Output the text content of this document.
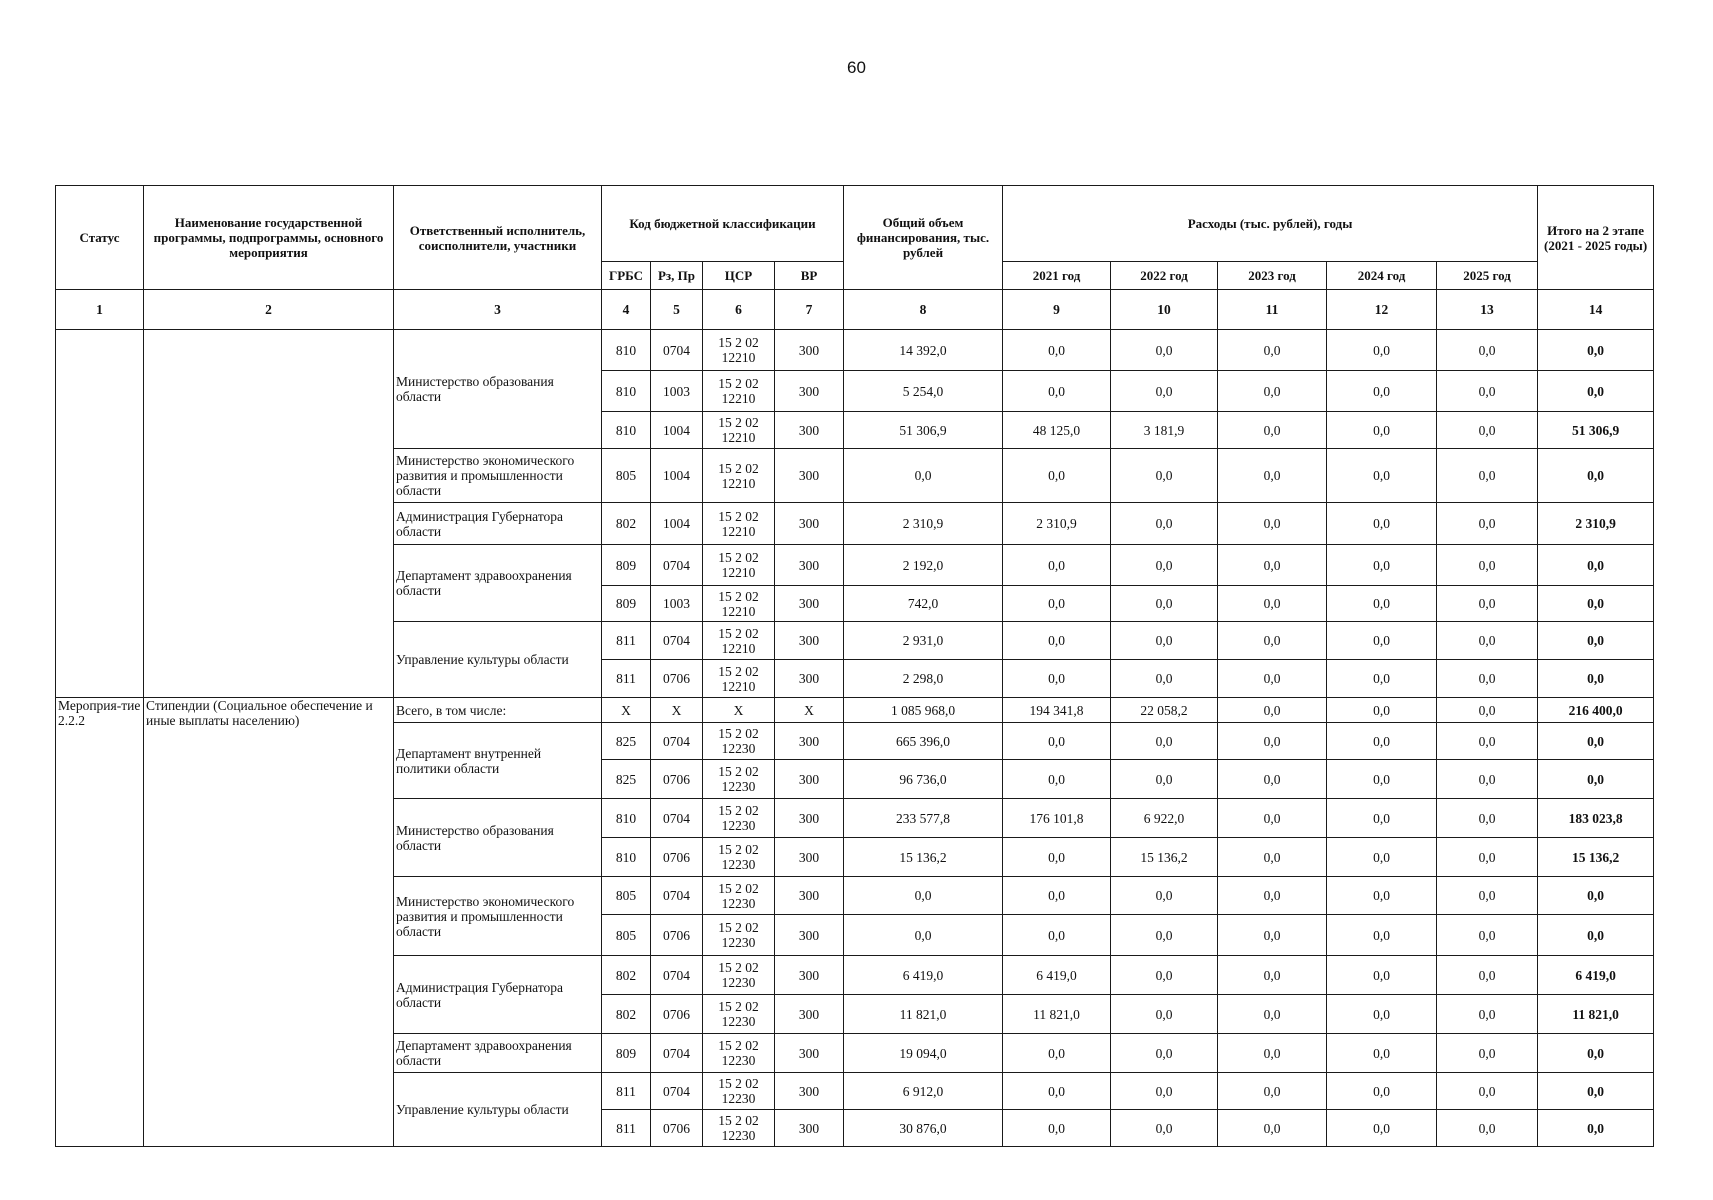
60
Статус	Наименование государственной программы, подпрограммы, основного мероприятия	Ответственный исполнитель, соисполнители, участники	Код бюджетной классификации				Общий объем финансирования, тыс. рублей	Расходы (тыс. рублей), годы					Итого на 2 этапе (2021 - 2025 годы)
			ГРБС	Рз, Пр	ЦСР	ВР		2021 год	2022 год	2023 год	2024 год	2025 год	
1	2	3	4	5	6	7	8	9	10	11	12	13	14
		Министерство образования области	810	0704	15 2 02 12210	300	14 392,0	0,0	0,0	0,0	0,0	0,0	0,0
			810	1003	15 2 02 12210	300	5 254,0	0,0	0,0	0,0	0,0	0,0	0,0
			810	1004	15 2 02 12210	300	51 306,9	48 125,0	3 181,9	0,0	0,0	0,0	51 306,9
		Министерство экономического развития и промышленности области	805	1004	15 2 02 12210	300	0,0	0,0	0,0	0,0	0,0	0,0	0,0
		Администрация Губернатора области	802	1004	15 2 02 12210	300	2 310,9	2 310,9	0,0	0,0	0,0	0,0	2 310,9
		Департамент здравоохранения области	809	0704	15 2 02 12210	300	2 192,0	0,0	0,0	0,0	0,0	0,0	0,0
			809	1003	15 2 02 12210	300	742,0	0,0	0,0	0,0	0,0	0,0	0,0
		Управление культуры области	811	0704	15 2 02 12210	300	2 931,0	0,0	0,0	0,0	0,0	0,0	0,0
			811	0706	15 2 02 12210	300	2 298,0	0,0	0,0	0,0	0,0	0,0	0,0
Мероприя-тие 2.2.2	Стипендии (Социальное обеспечение и иные выплаты населению)	Всего, в том числе:	Х	Х	Х	Х	1 085 968,0	194 341,8	22 058,2	0,0	0,0	0,0	216 400,0
		Департамент внутренней политики области	825	0704	15 2 02 12230	300	665 396,0	0,0	0,0	0,0	0,0	0,0	0,0
			825	0706	15 2 02 12230	300	96 736,0	0,0	0,0	0,0	0,0	0,0	0,0
		Министерство образования области	810	0704	15 2 02 12230	300	233 577,8	176 101,8	6 922,0	0,0	0,0	0,0	183 023,8
			810	0706	15 2 02 12230	300	15 136,2	0,0	15 136,2	0,0	0,0	0,0	15 136,2
		Министерство экономического развития и промышленности области	805	0704	15 2 02 12230	300	0,0	0,0	0,0	0,0	0,0	0,0	0,0
			805	0706	15 2 02 12230	300	0,0	0,0	0,0	0,0	0,0	0,0	0,0
		Администрация Губернатора области	802	0704	15 2 02 12230	300	6 419,0	6 419,0	0,0	0,0	0,0	0,0	6 419,0
			802	0706	15 2 02 12230	300	11 821,0	11 821,0	0,0	0,0	0,0	0,0	11 821,0
		Департамент здравоохранения области	809	0704	15 2 02 12230	300	19 094,0	0,0	0,0	0,0	0,0	0,0	0,0
		Управление культуры области	811	0704	15 2 02 12230	300	6 912,0	0,0	0,0	0,0	0,0	0,0	0,0
			811	0706	15 2 02 12230	300	30 876,0	0,0	0,0	0,0	0,0	0,0	0,0
